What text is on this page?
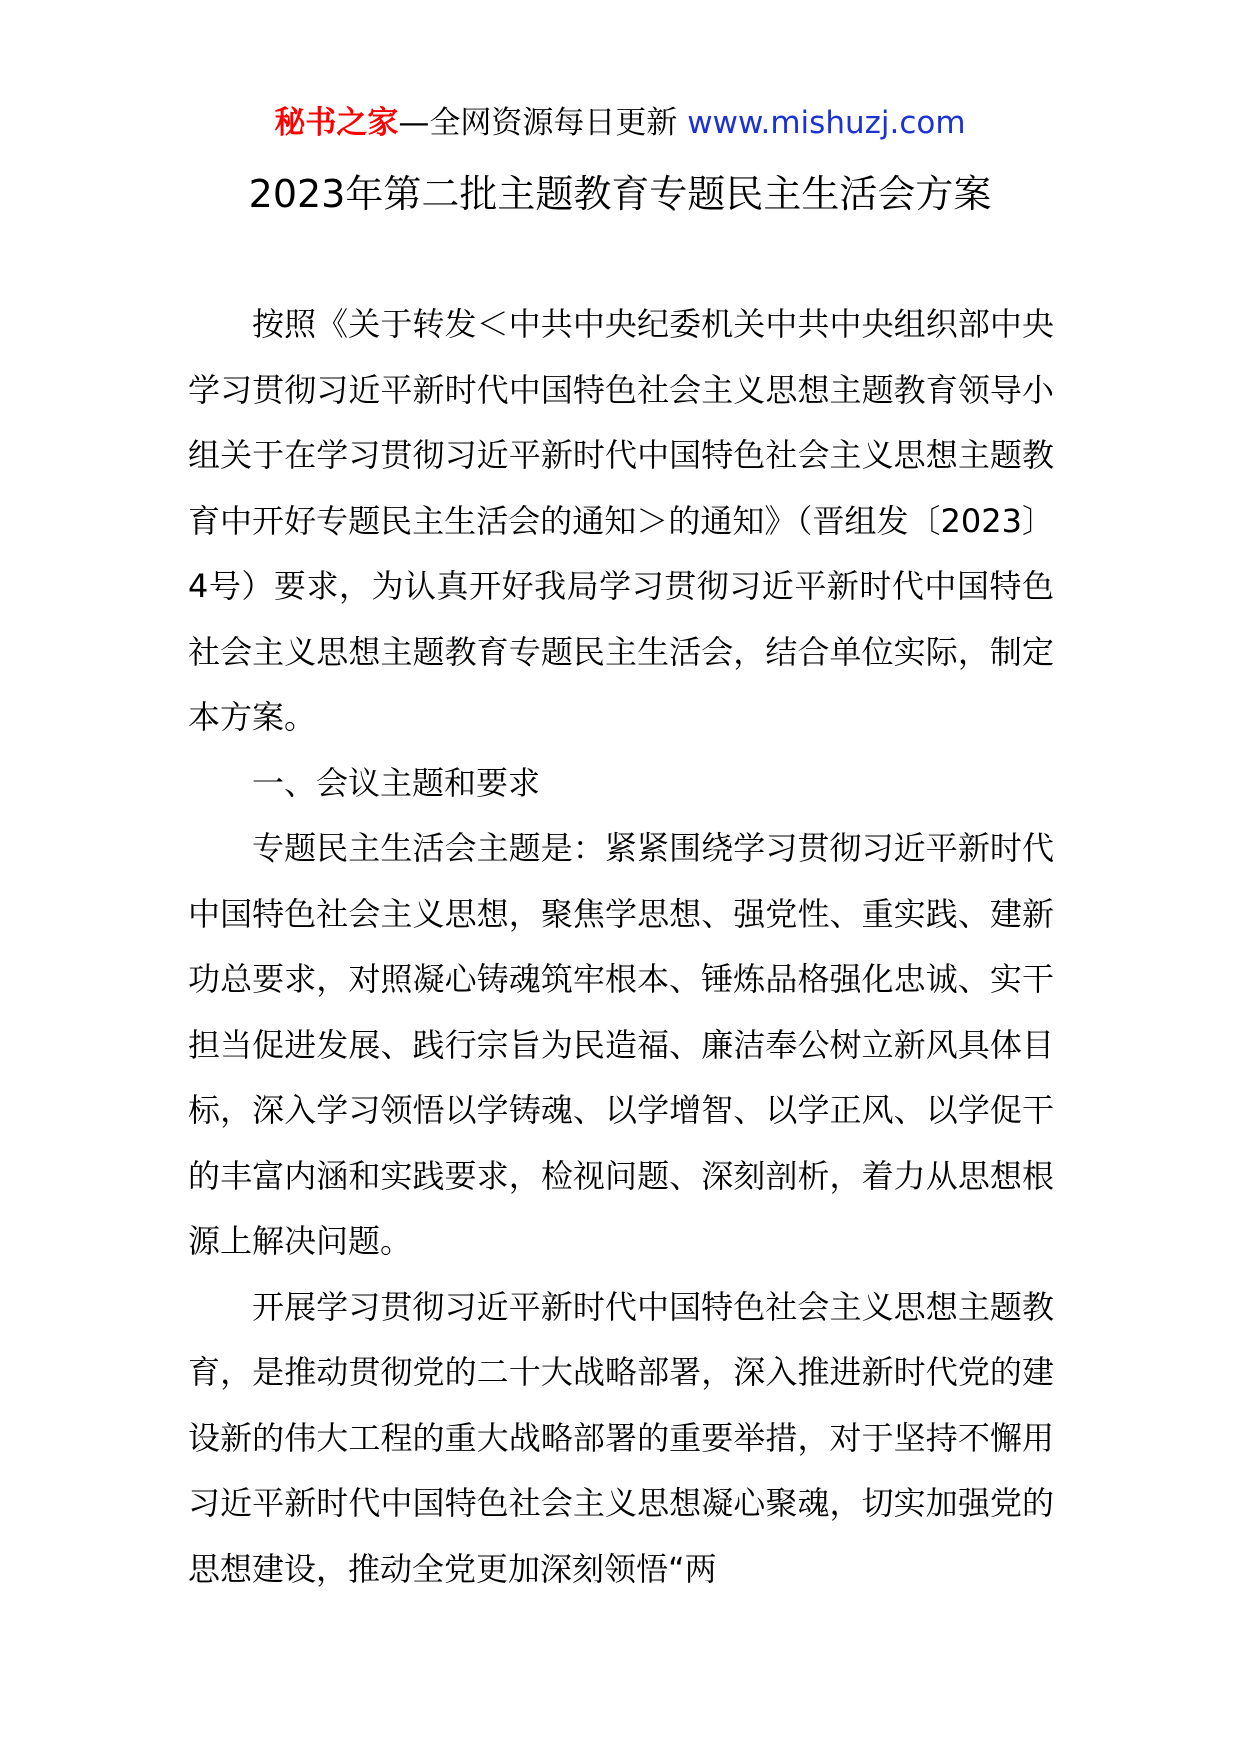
秘书之家—全网资源每日更新 www.mishuzj.com
2023年第二批主题教育专题民主生活会方案

按照《关于转发＜中共中央纪委机关中共中央组织部中央学习贯彻习近平新时代中国特色社会主义思想主题教育领导小组关于在学习贯彻习近平新时代中国特色社会主义思想主题教育中开好专题民主生活会的通知＞的通知》（晋组发〔2023〕4号）要求，为认真开好我局学习贯彻习近平新时代中国特色社会主义思想主题教育专题民主生活会，结合单位实际，制定本方案。

一、会议主题和要求

专题民主生活会主题是：紧紧围绕学习贯彻习近平新时代中国特色社会主义思想，聚焦学思想、强党性、重实践、建新功总要求，对照凝心铸魂筑牢根本、锤炼品格强化忠诚、实干担当促进发展、践行宗旨为民造福、廉洁奉公树立新风具体目标，深入学习领悟以学铸魂、以学增智、以学正风、以学促干的丰富内涵和实践要求，检视问题、深刻剖析，着力从思想根源上解决问题。

开展学习贯彻习近平新时代中国特色社会主义思想主题教育，是推动贯彻党的二十大战略部署，深入推进新时代党的建设新的伟大工程的重大战略部署的重要举措，对于坚持不懈用习近平新时代中国特色社会主义思想凝心聚魂，切实加强党的思想建设，推动全党更加深刻领悟“两
